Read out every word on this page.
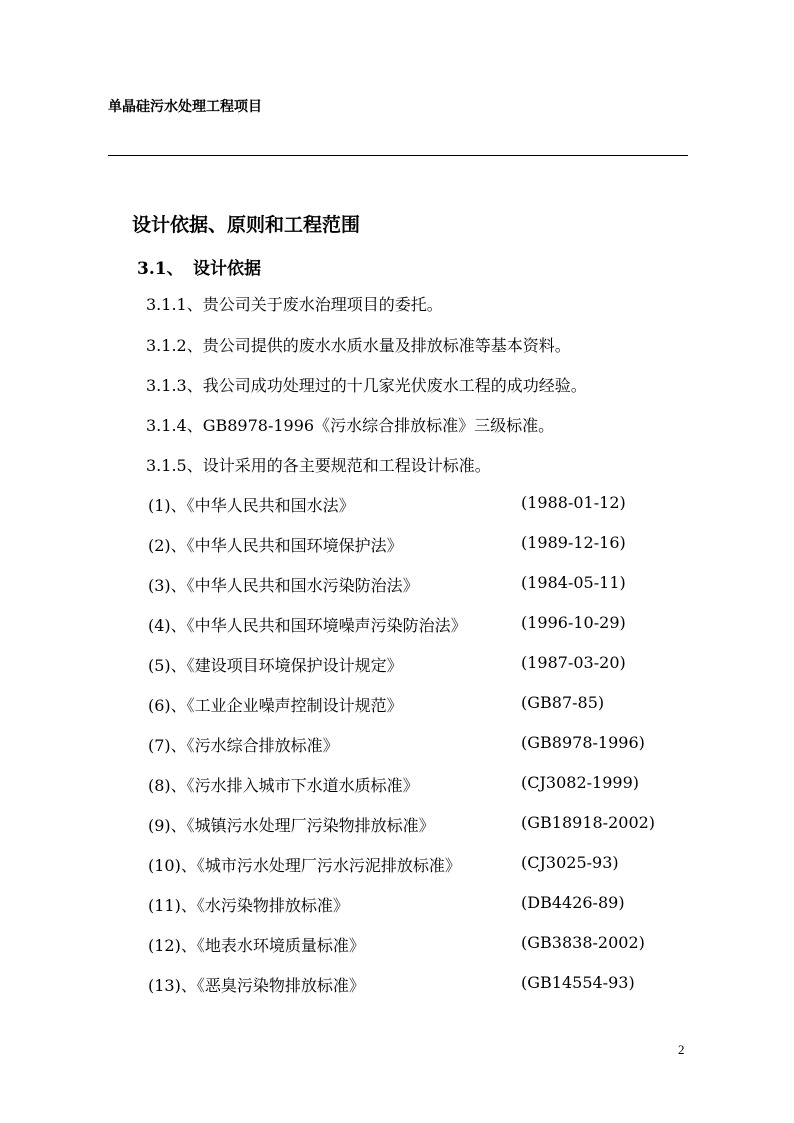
单晶硅污水处理工程项目
设计依据、原则和工程范围
3.1、 设计依据
3.1.1、贵公司关于废水治理项目的委托。
3.1.2、贵公司提供的废水水质水量及排放标准等基本资料。
3.1.3、我公司成功处理过的十几家光伏废水工程的成功经验。
3.1.4、GB8978-1996《污水综合排放标准》三级标准。
3.1.5、设计采用的各主要规范和工程设计标准。
(1)、《中华人民共和国水法》	(1988-01-12)
(2)、《中华人民共和国环境保护法》	(1989-12-16)
(3)、《中华人民共和国水污染防治法》	(1984-05-11)
(4)、《中华人民共和国环境噪声污染防治法》	(1996-10-29)
(5)、《建设项目环境保护设计规定》	(1987-03-20)
(6)、《工业企业噪声控制设计规范》	(GB87-85)
(7)、《污水综合排放标准》	(GB8978-1996)
(8)、《污水排入城市下水道水质标准》	(CJ3082-1999)
(9)、《城镇污水处理厂污染物排放标准》	(GB18918-2002)
(10)、《城市污水处理厂污水污泥排放标准》	(CJ3025-93)
(11)、《水污染物排放标准》	(DB4426-89)
(12)、《地表水环境质量标准》	(GB3838-2002)
(13)、《恶臭污染物排放标准》	(GB14554-93)
2
